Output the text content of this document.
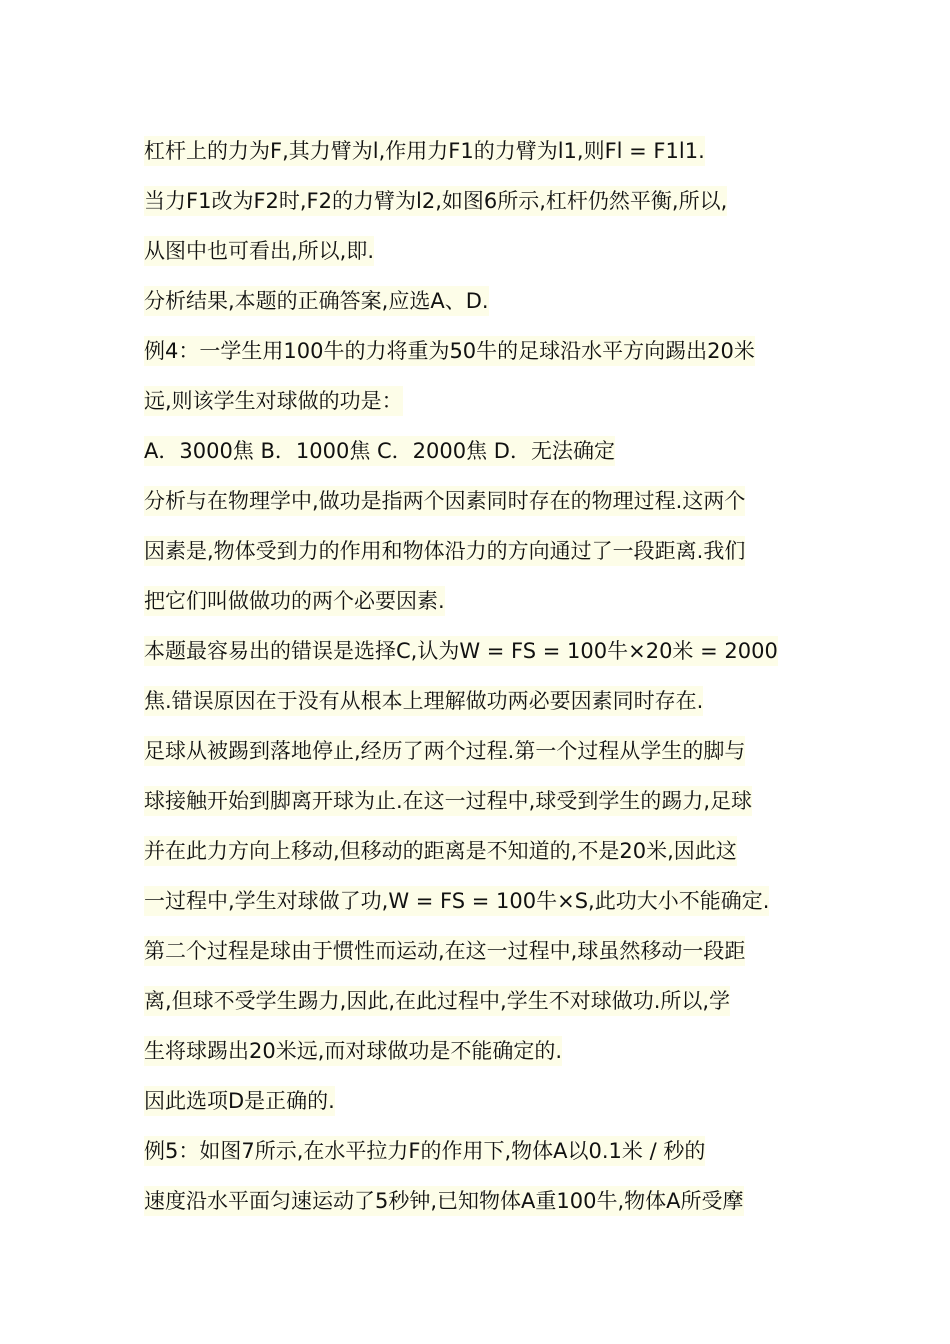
杠杆上的力为F,其力臂为l,作用力F1的力臂为l1,则Fl = F1l1.
当力F1改为F2时,F2的力臂为l2,如图6所示,杠杆仍然平衡,所以,
从图中也可看出,所以,即.
分析结果,本题的正确答案,应选A、D.
例4：一学生用100牛的力将重为50牛的足球沿水平方向踢出20米
远,则该学生对球做的功是：
A．3000焦 B．1000焦 C．2000焦 D．无法确定
分析与在物理学中,做功是指两个因素同时存在的物理过程.这两个
因素是,物体受到力的作用和物体沿力的方向通过了一段距离.我们
把它们叫做做功的两个必要因素.
本题最容易出的错误是选择C,认为W = FS = 100牛×20米 = 2000
焦.错误原因在于没有从根本上理解做功两必要因素同时存在.
足球从被踢到落地停止,经历了两个过程.第一个过程从学生的脚与
球接触开始到脚离开球为止.在这一过程中,球受到学生的踢力,足球
并在此力方向上移动,但移动的距离是不知道的,不是20米,因此这
一过程中,学生对球做了功,W = FS = 100牛×S,此功大小不能确定.
第二个过程是球由于惯性而运动,在这一过程中,球虽然移动一段距
离,但球不受学生踢力,因此,在此过程中,学生不对球做功.所以,学
生将球踢出20米远,而对球做功是不能确定的.
因此选项D是正确的.
例5：如图7所示,在水平拉力F的作用下,物体A以0.1米 / 秒的
速度沿水平面匀速运动了5秒钟,已知物体A重100牛,物体A所受摩
